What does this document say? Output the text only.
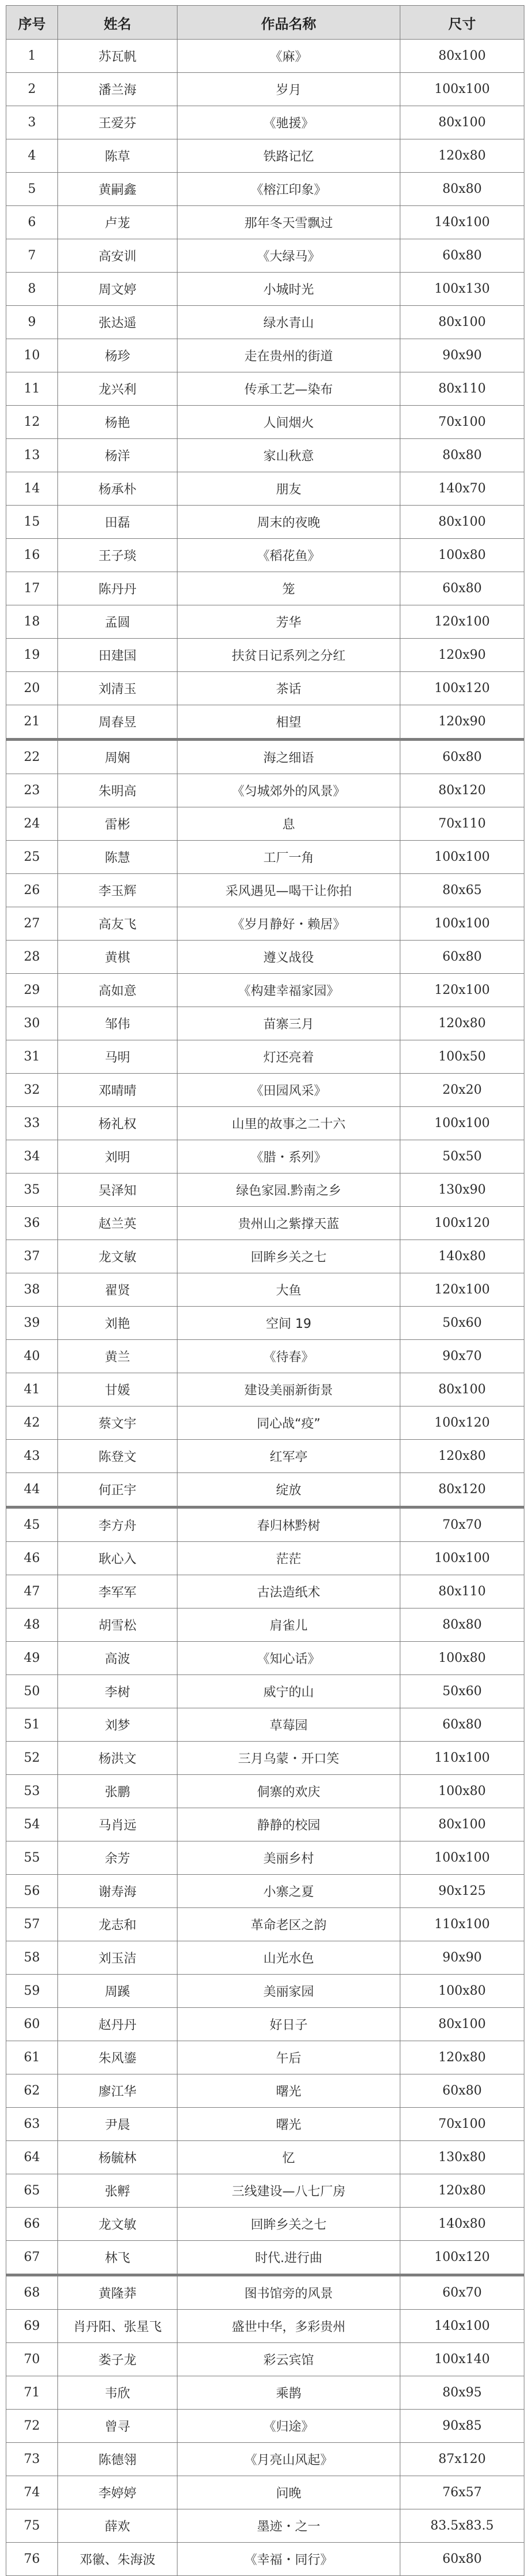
序号	姓名	作品名称	尺寸
1	苏瓦帆	《麻》	80x100
2	潘兰海	岁月	100x100
3	王爱芬	《驰援》	80x100
4	陈草	铁路记忆	120x80
5	黄嗣鑫	《榕江印象》	80x80
6	卢茏	那年冬天雪飘过	140x100
7	高安训	《大绿马》	60x80
8	周文婷	小城时光	100x130
9	张达遥	绿水青山	80x100
10	杨珍	走在贵州的街道	90x90
11	龙兴利	传承工艺—染布	80x110
12	杨艳	人间烟火	70x100
13	杨洋	家山秋意	80x80
14	杨承朴	朋友	140x70
15	田磊	周末的夜晚	80x100
16	王子琰	《稻花鱼》	100x80
17	陈丹丹	笼	60x80
18	孟圆	芳华	120x100
19	田建国	扶贫日记系列之分红	120x90
20	刘清玉	茶话	100x120
21	周春昱	相望	120x90
22	周娴	海之细语	60x80
23	朱明高	《匀城郊外的风景》	80x120
24	雷彬	息	70x110
25	陈慧	工厂一角	100x100
26	李玉辉	采风遇见—喝干让你拍	80x65
27	高友飞	《岁月静好・赖居》	100x100
28	黄棋	遵义战役	60x80
29	高如意	《构建幸福家园》	120x100
30	邹伟	苗寨三月	120x80
31	马明	灯还亮着	100x50
32	邓晴晴	《田园风采》	20x20
33	杨礼权	山里的故事之二十六	100x100
34	刘明	《腊・系列》	50x50
35	吴泽知	绿色家园.黔南之乡	130x90
36	赵兰英	贵州山之紫撑天蓝	100x120
37	龙文敏	回眸乡关之七	140x80
38	翟贤	大鱼	120x100
39	刘艳	空间 19	50x60
40	黄兰	《待春》	90x70
41	甘媛	建设美丽新街景	80x100
42	蔡文宇	同心战“疫”	100x120
43	陈登文	红军亭	120x80
44	何正宇	绽放	80x120
45	李方舟	春归林黔树	70x70
46	耿心入	茫茫	100x100
47	李军军	古法造纸术	80x110
48	胡雪松	肩雀儿	80x80
49	高波	《知心话》	100x80
50	李树	威宁的山	50x60
51	刘梦	草莓园	60x80
52	杨洪文	三月乌蒙・开口笑	110x100
53	张鹏	侗寨的欢庆	100x80
54	马肖远	静静的校园	80x100
55	余芳	美丽乡村	100x100
56	谢寿海	小寨之夏	90x125
57	龙志和	革命老区之韵	110x100
58	刘玉洁	山光水色	90x90
59	周蹊	美丽家园	100x80
60	赵丹丹	好日子	80x100
61	朱风鎏	午后	120x80
62	廖江华	曙光	60x80
63	尹晨	曙光	70x100
64	杨毓林	忆	130x80
65	张孵	三线建设—八七厂房	120x80
66	龙文敏	回眸乡关之七	140x80
67	林飞	时代.进行曲	100x120
68	黄隆莽	图书馆旁的风景	60x70
69	肖丹阳、张星飞	盛世中华，多彩贵州	140x100
70	娄子龙	彩云宾馆	100x140
71	韦欣	乘鹊	80x95
72	曾寻	《归途》	90x85
73	陈德翎	《月亮山风起》	87x120
74	李婷婷	问晚	76x57
75	薛欢	墨迹・之一	83.5x83.5
76	邓徽、朱海波	《幸福・同行》	60x80
